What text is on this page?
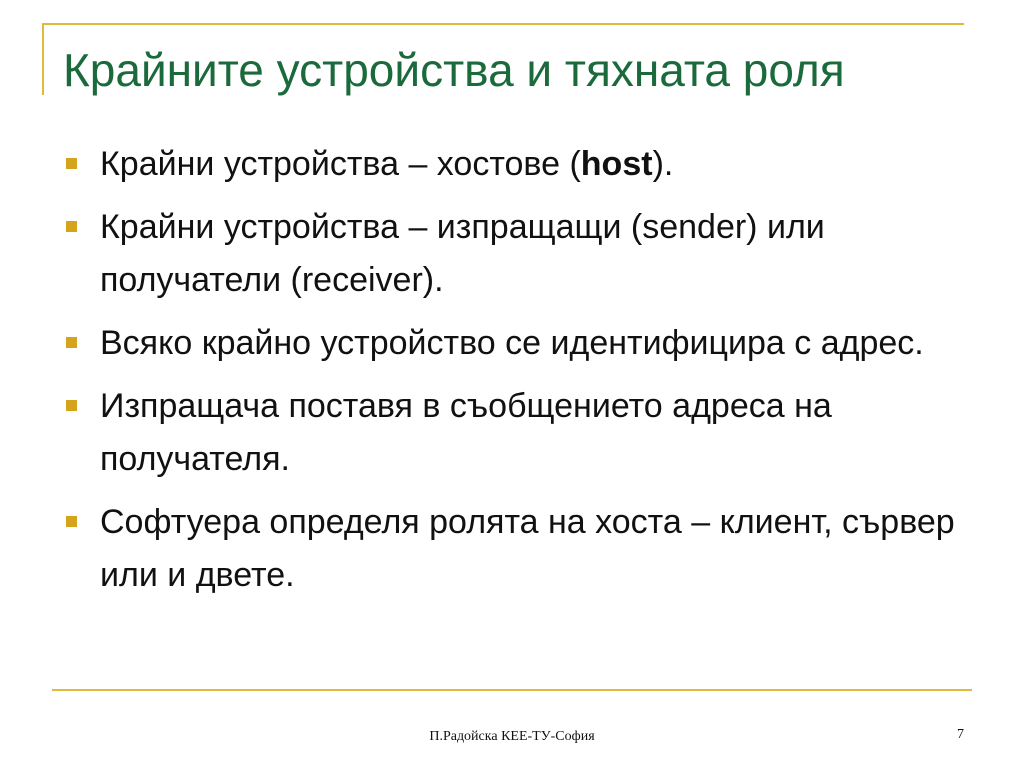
Крайните устройства и тяхната роля
Крайни устройства – хостове (host).
Крайни устройства – изпращащи (sender) или получатели (receiver).
Всяко крайно устройство се идентифицира с адрес.
Изпращача поставя в съобщението адреса на получателя.
Софтуера определя ролята на хоста – клиент, сървер или и двете.
П.Радойска КЕЕ-ТУ-София	7
